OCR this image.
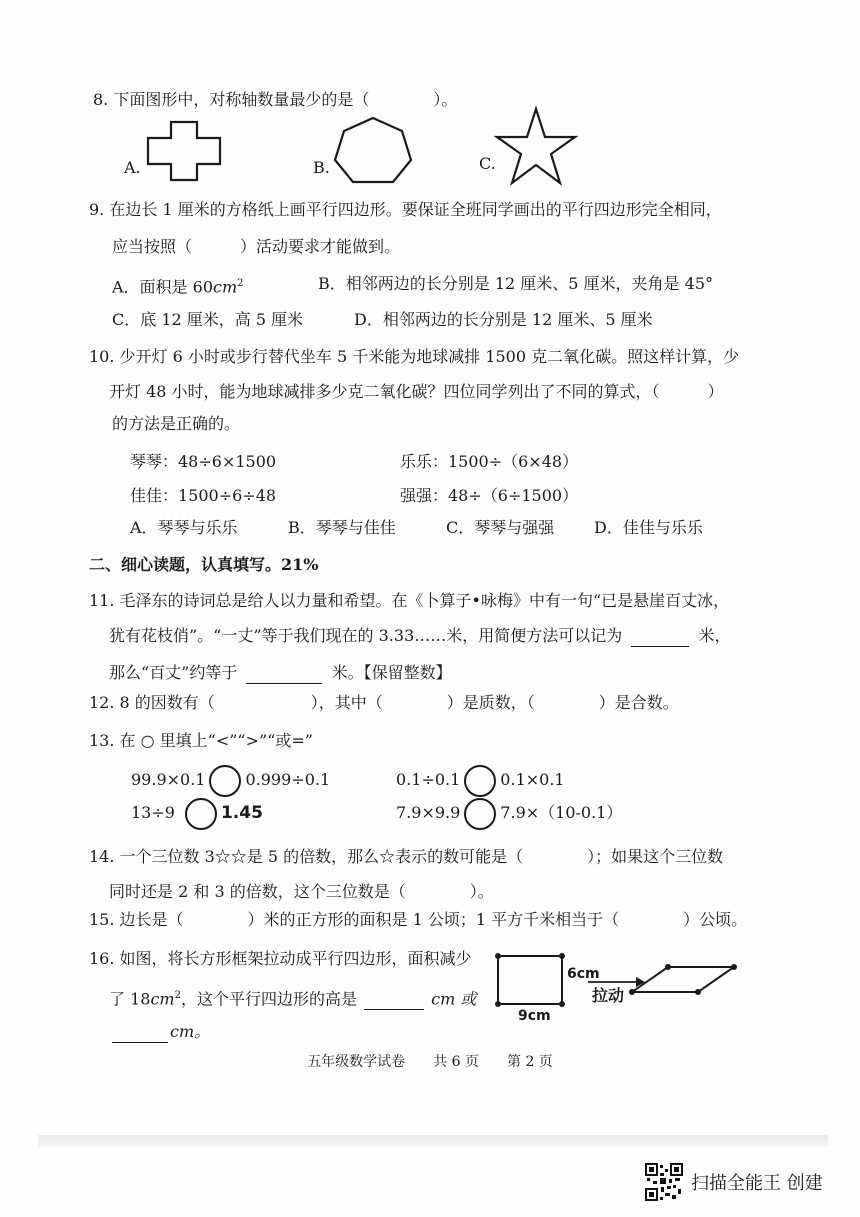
8. 下面图形中，对称轴数量最少的是（　　　　）。
A.	B.	C.
9. 在边长 1 厘米的方格纸上画平行四边形。要保证全班同学画出的平行四边形完全相同，
应当按照（　　　）活动要求才能做到。
A．面积是 $60cm^2$	B．相邻两边的长分别是 12 厘米、5 厘米，夹角是 45°
C．底 12 厘米，高 5 厘米	D．相邻两边的长分别是 12 厘米、5 厘米
10. 少开灯 6 小时或步行替代坐车 5 千米能为地球减排 1500 克二氧化碳。照这样计算，少
开灯 48 小时，能为地球减排多少克二氧化碳？四位同学列出了不同的算式，（　　　）
的方法是正确的。
琴琴：48÷6×1500	乐乐：1500÷（6×48）
佳佳：1500÷6÷48	强强：48÷（6÷1500）
A．琴琴与乐乐	B．琴琴与佳佳	C．琴琴与强强 D．佳佳与乐乐
二、细心读题，认真填写。21%
11. 毛泽东的诗词总是给人以力量和希望。在《卜算子•咏梅》中有一句“已是悬崖百丈冰，
犹有花枝俏”。“一丈”等于我们现在的 3.33……米，用简便方法可以记为	米，
那么“百丈”约等于	米。【保留整数】
12. 8 的因数有（　　　　　　），其中（　　　　）是质数，（　　　　）是合数。
13. 在 ○ 里填上“<”“>”“或=”
99.9×0.1	0.999÷0.1	0.1÷0.1	0.1×0.1
13÷9	1.45	7.9×9.9	7.9×（10-0.1）
14. 一个三位数 3☆☆是 5 的倍数，那么☆表示的数可能是（　　　　）；如果这个三位数
同时还是 2 和 3 的倍数，这个三位数是（　　　　）。
15. 边长是（　　　　）米的正方形的面积是 1 公顷；1 平方千米相当于（　　　　）公顷。
16. 如图，将长方形框架拉动成平行四边形，面积减少
了 $18cm^2$，这个平行四边形的高是	cm 或
cm。
6cm
拉动
9cm
五年级数学试卷　　共 6 页　　第 2 页
扫描全能王 创建
